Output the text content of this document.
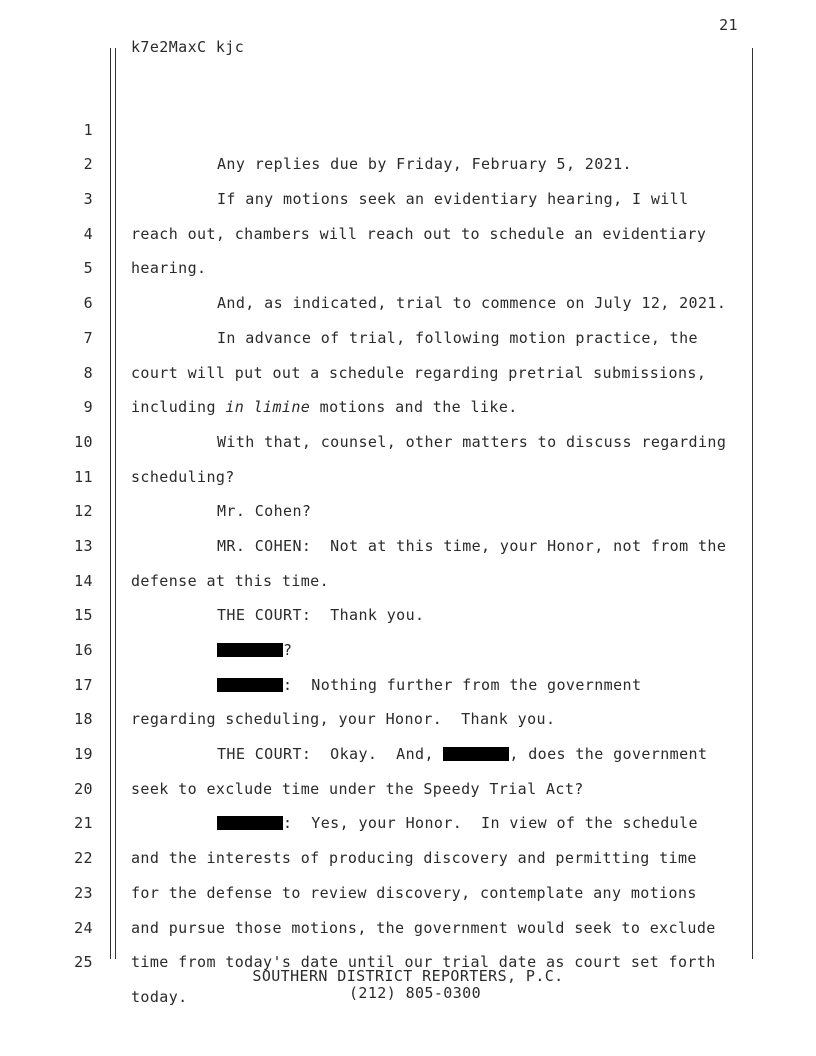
21
k7e2MaxC kjc

1

Any replies due by Friday, February 5, 2021.

2

If any motions seek an evidentiary hearing, I will

3

reach out, chambers will reach out to schedule an evidentiary

4

hearing.

5

And, as indicated, trial to commence on July 12, 2021.

6

In advance of trial, following motion practice, the

7

court will put out a schedule regarding pretrial submissions,

8

including in limine motions and the like.

9

With that, counsel, other matters to discuss regarding

10

scheduling?

11

Mr. Cohen?

12

MR. COHEN:  Not at this time, your Honor, not from the

13

defense at this time.

14

THE COURT:  Thank you.

15

?

16

:  Nothing further from the government

17

regarding scheduling, your Honor.  Thank you.

18

THE COURT:  Okay.  And,	, does the government

19

seek to exclude time under the Speedy Trial Act?

20

:  Yes, your Honor.  In view of the schedule

21

and the interests of producing discovery and permitting time

22

for the defense to review discovery, contemplate any motions

23

and pursue those motions, the government would seek to exclude

24

time from today's date until our trial date as court set forth

25

today.

SOUTHERN DISTRICT REPORTERS, P.C.
(212) 805-0300
